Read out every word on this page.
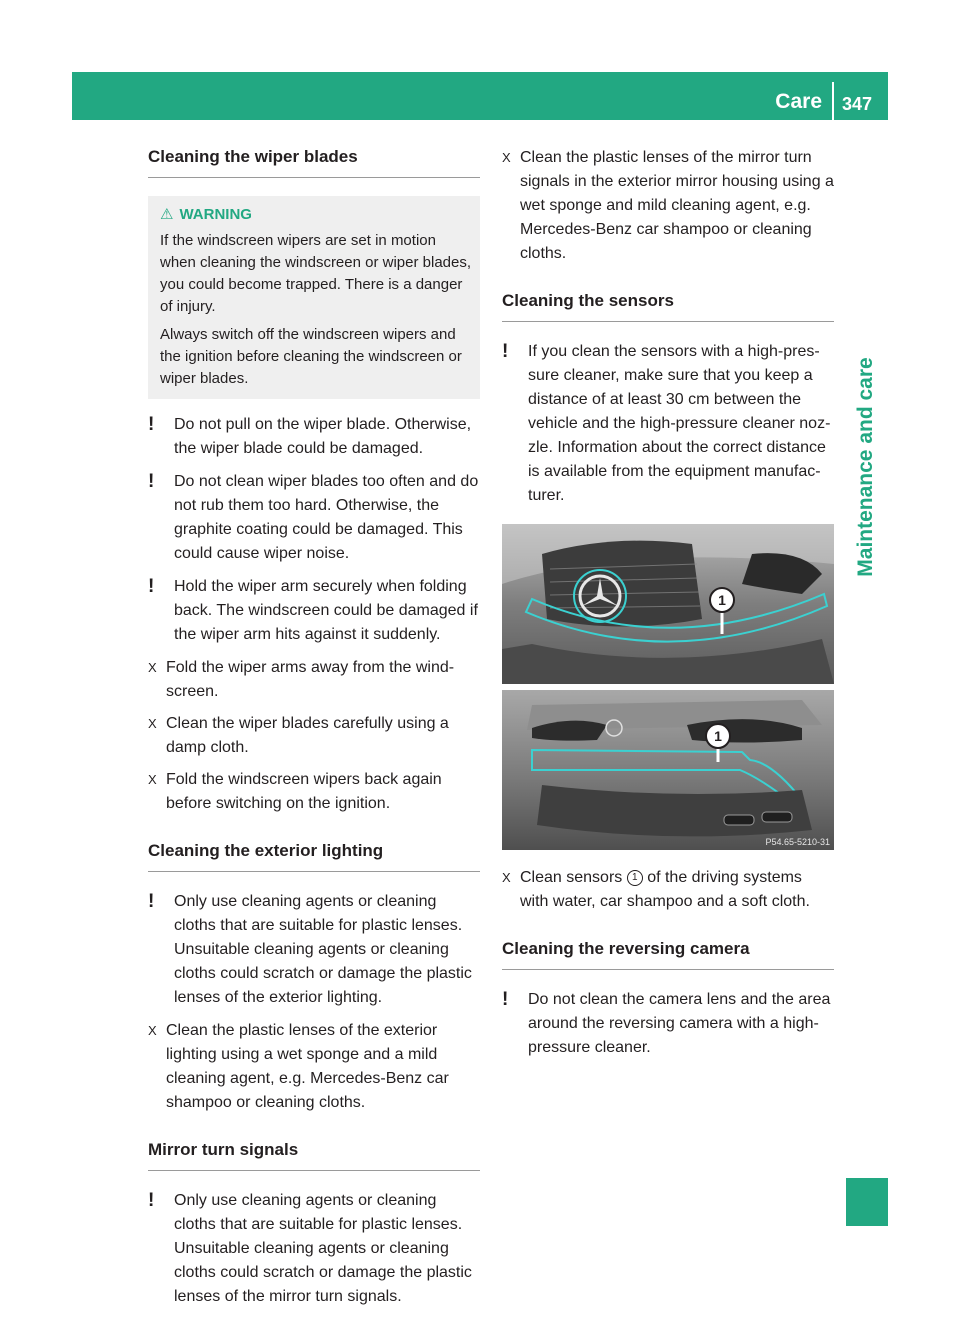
Care 347
Maintenance and care
Cleaning the wiper blades
⚠ WARNING

If the windscreen wipers are set in motion when cleaning the windscreen or wiper blades, you could become trapped. There is a danger of injury.

Always switch off the windscreen wipers and the ignition before cleaning the windscreen or wiper blades.

! Do not pull on the wiper blade. Otherwise, the wiper blade could be damaged.
! Do not clean wiper blades too often and do not rub them too hard. Otherwise, the graphite coating could be damaged. This could cause wiper noise.
! Hold the wiper arm securely when folding back. The windscreen could be damaged if the wiper arm hits against it suddenly.
X Fold the wiper arms away from the wind-screen.
X Clean the wiper blades carefully using a damp cloth.
X Fold the windscreen wipers back again before switching on the ignition.
Cleaning the exterior lighting
! Only use cleaning agents or cleaning cloths that are suitable for plastic lenses. Unsuitable cleaning agents or cleaning cloths could scratch or damage the plastic lenses of the exterior lighting.
X Clean the plastic lenses of the exterior lighting using a wet sponge and a mild cleaning agent, e.g. Mercedes-Benz car shampoo or cleaning cloths.
Mirror turn signals
! Only use cleaning agents or cleaning cloths that are suitable for plastic lenses. Unsuitable cleaning agents or cleaning cloths could scratch or damage the plastic lenses of the mirror turn signals.
X Clean the plastic lenses of the mirror turn signals in the exterior mirror housing using a wet sponge and mild cleaning agent, e.g. Mercedes-Benz car shampoo or cleaning cloths.
Cleaning the sensors
! If you clean the sensors with a high-pres-sure cleaner, make sure that you keep a distance of at least 30 cm between the vehicle and the high-pressure cleaner noz-zle. Information about the correct distance is available from the equipment manufac-turer.
1
1
P54.65-5210-31
X Clean sensors 1 of the driving systems with water, car shampoo and a soft cloth.
Cleaning the reversing camera
! Do not clean the camera lens and the area around the reversing camera with a high-pressure cleaner.
